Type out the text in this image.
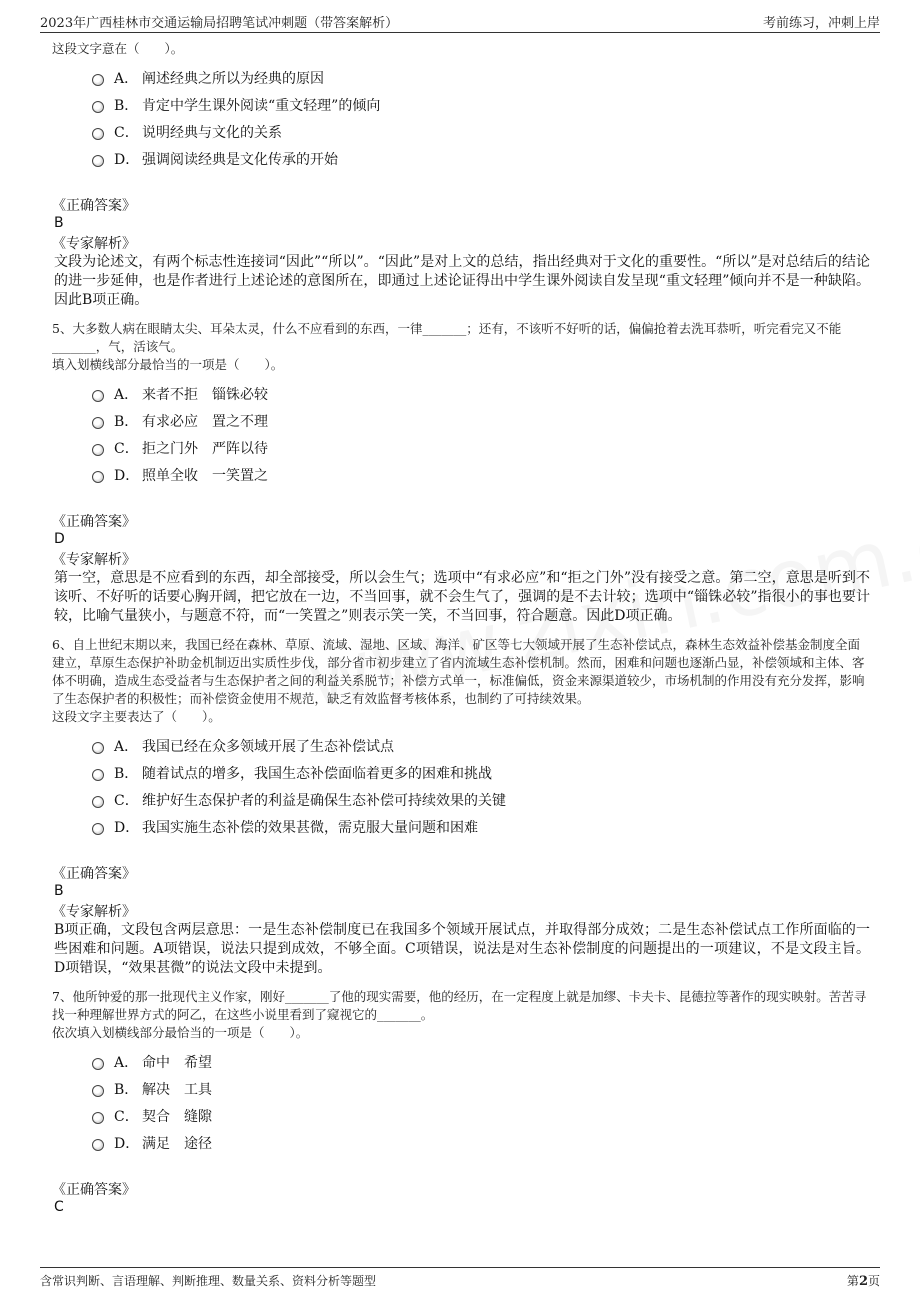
2023年广西桂林市交通运输局招聘笔试冲刺题（带答案解析）	考前练习，冲刺上岸

这段文字意在（　　）。

A． 阐述经典之所以为经典的原因
B． 肯定中学生课外阅读“重文轻理”的倾向
C． 说明经典与文化的关系
D． 强调阅读经典是文化传承的开始
《正确答案》
B
《专家解析》

文段为论述文，有两个标志性连接词“因此”“所以”。“因此”是对上文的总结，指出经典对于文化的重要性。“所以”是对总结后的结论的进一步延伸，也是作者进行上述论述的意图所在，即通过上述论证得出中学生课外阅读自发呈现“重文轻理”倾向并不是一种缺陷。因此B项正确。

5、大多数人病在眼睛太尖、耳朵太灵，什么不应看到的东西，一律_______；还有，不该听不好听的话，偏偏抢着去洗耳恭听，听完看完又不能_______，气，活该气。

填入划横线部分最恰当的一项是（　　）。

A． 来者不拒　锱铢必较
B． 有求必应　置之不理
C． 拒之门外　严阵以待
D． 照单全收　一笑置之
《正确答案》
D
《专家解析》

第一空，意思是不应看到的东西，却全部接受，所以会生气；选项中“有求必应”和“拒之门外”没有接受之意。第二空，意思是听到不该听、不好听的话要心胸开阔，把它放在一边，不当回事，就不会生气了，强调的是不去计较；选项中“锱铢必较”指很小的事也要计较，比喻气量狭小，与题意不符，而“一笑置之”则表示笑一笑，不当回事，符合题意。因此D项正确。

6、自上世纪末期以来，我国已经在森林、草原、流域、湿地、区域、海洋、矿区等七大领域开展了生态补偿试点，森林生态效益补偿基金制度全面建立，草原生态保护补助金机制迈出实质性步伐，部分省市初步建立了省内流域生态补偿机制。然而，困难和问题也逐渐凸显，补偿领域和主体、客体不明确，造成生态受益者与生态保护者之间的利益关系脱节；补偿方式单一，标准偏低，资金来源渠道较少，市场机制的作用没有充分发挥，影响了生态保护者的积极性；而补偿资金使用不规范，缺乏有效监督考核体系，也制约了可持续效果。

这段文字主要表达了（　　）。

A． 我国已经在众多领域开展了生态补偿试点
B． 随着试点的增多，我国生态补偿面临着更多的困难和挑战
C． 维护好生态保护者的利益是确保生态补偿可持续效果的关键
D． 我国实施生态补偿的效果甚微，需克服大量问题和困难
《正确答案》
B
《专家解析》

B项正确，文段包含两层意思：一是生态补偿制度已在我国多个领域开展试点，并取得部分成效；二是生态补偿试点工作所面临的一些困难和问题。A项错误，说法只提到成效，不够全面。C项错误，说法是对生态补偿制度的问题提出的一项建议，不是文段主旨。D项错误，“效果甚微”的说法文段中未提到。

7、他所钟爱的那一批现代主义作家，刚好_______了他的现实需要，他的经历，在一定程度上就是加缪、卡夫卡、昆德拉等著作的现实映射。苦苦寻找一种理解世界方式的阿乙，在这些小说里看到了窥视它的_______。

依次填入划横线部分最恰当的一项是（　　）。

A． 命中　希望
B． 解决　工具
C． 契合　缝隙
D． 满足　途径
《正确答案》
C
含常识判断、言语理解、判断推理、数量关系、资料分析等题型	第2页
